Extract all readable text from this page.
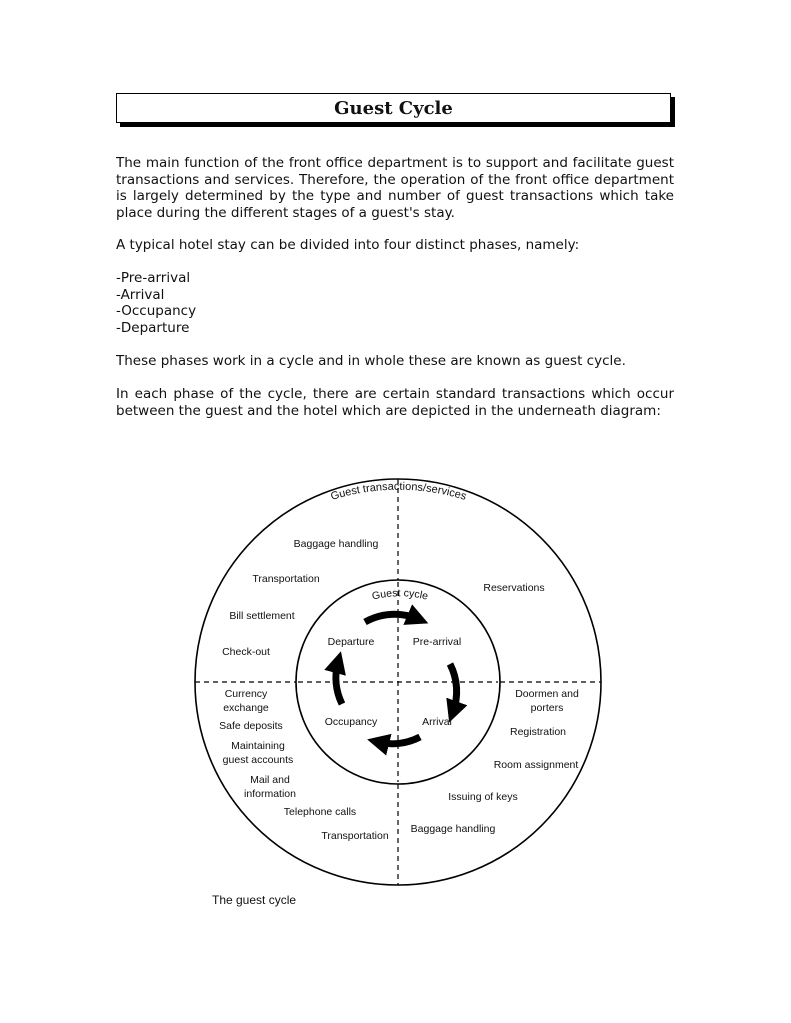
Guest Cycle

The main function of the front office department is to support and facilitate guest transactions and services. Therefore, the operation of the front office department is largely determined by the type and number of guest transactions which take place during the different stages of a guest's stay.

A typical hotel stay can be divided into four distinct phases, namely:

-Pre-arrival
-Arrival
-Occupancy
-Departure

These phases work in a cycle and in whole these are known as guest cycle.

In each phase of the cycle, there are certain standard transactions which occur between the guest and the hotel which are depicted in the underneath diagram:

Guest transactions/services
Guest cycle
Departure	Pre-arrival
Occupancy	Arrival
Baggage handling
Transportation
Bill settlement
Check-out
Reservations
Currency
exchange
Safe deposits
Maintaining
guest accounts
Mail and
information
Telephone calls
Transportation
Doormen and
porters
Registration
Room assignment
Issuing of keys
Baggage handling
The guest cycle
